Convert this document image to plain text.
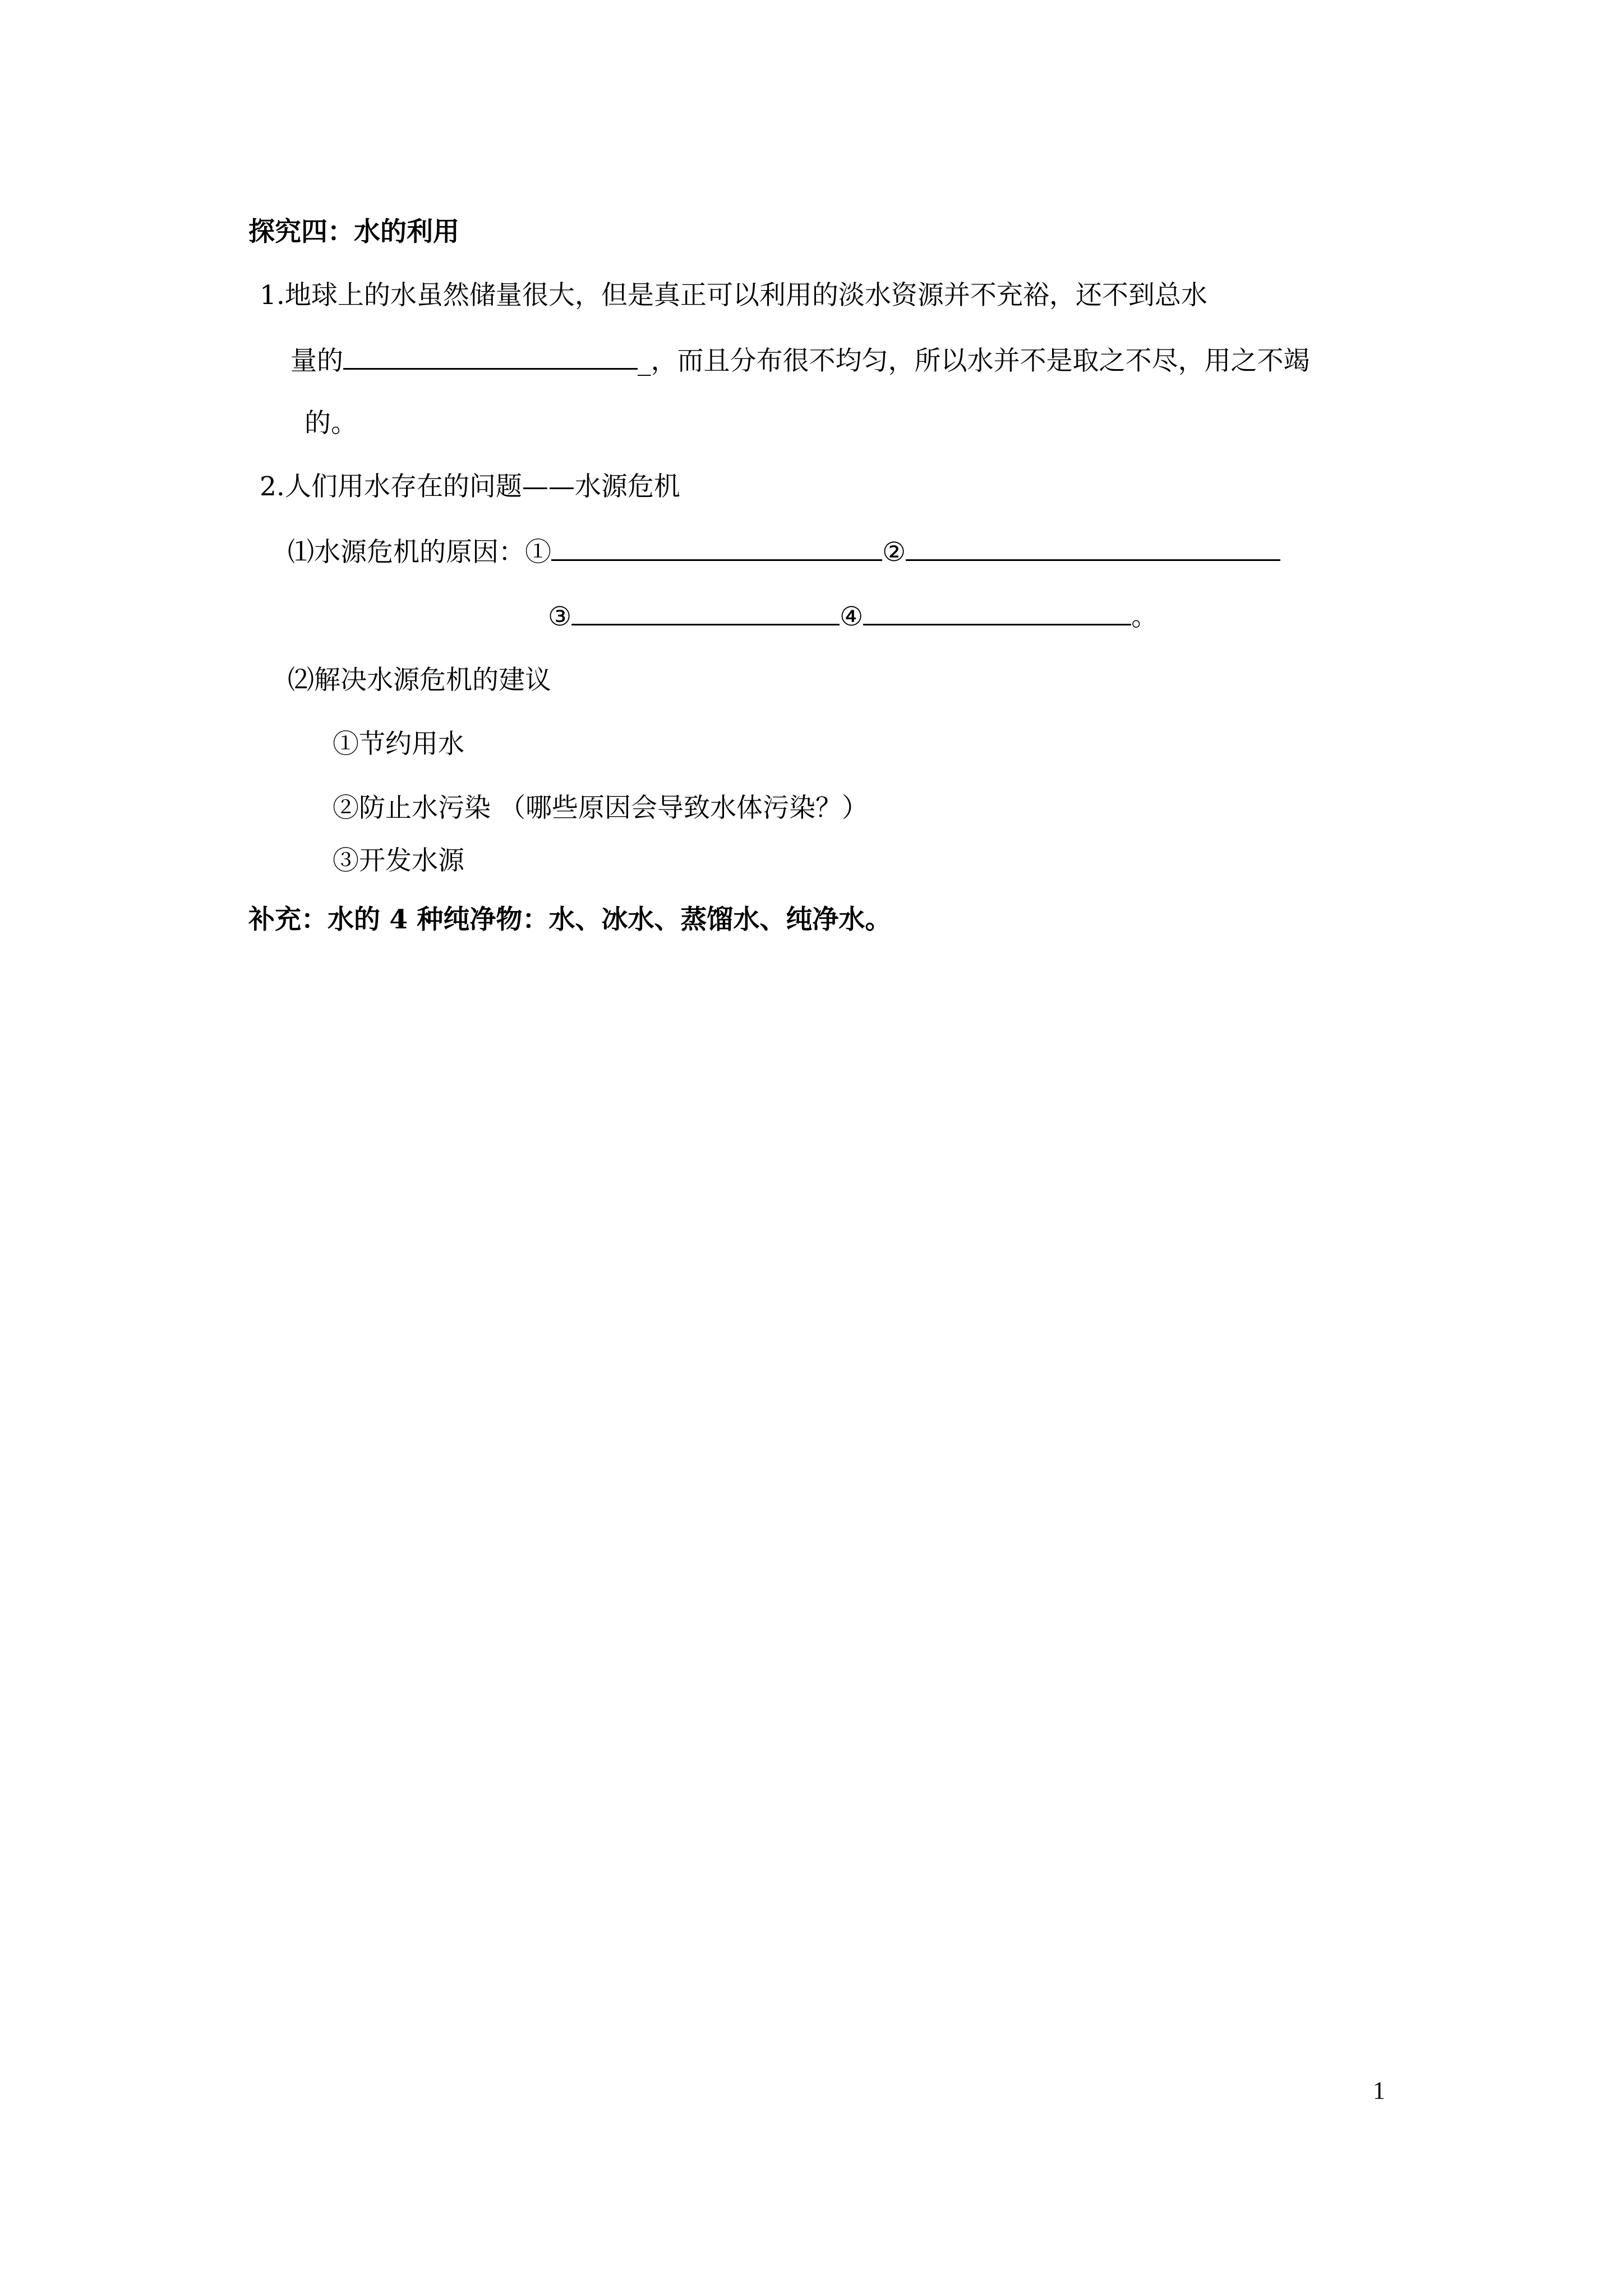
探究四：水的利用
1.地球上的水虽然储量很大，但是真正可以利用的淡水资源并不充裕，还不到总水
量的	_，而且分布很不均匀，所以水并不是取之不尽，用之不竭
的。
2.人们用水存在的问题——水源危机
⑴水源危机的原因：①	②
③	④	。
⑵解决水源危机的建议
①节约用水
②防止水污染 （哪些原因会导致水体污染？）
③开发水源
补充：水的 4 种纯净物：水、冰水、蒸馏水、纯净水。
1
